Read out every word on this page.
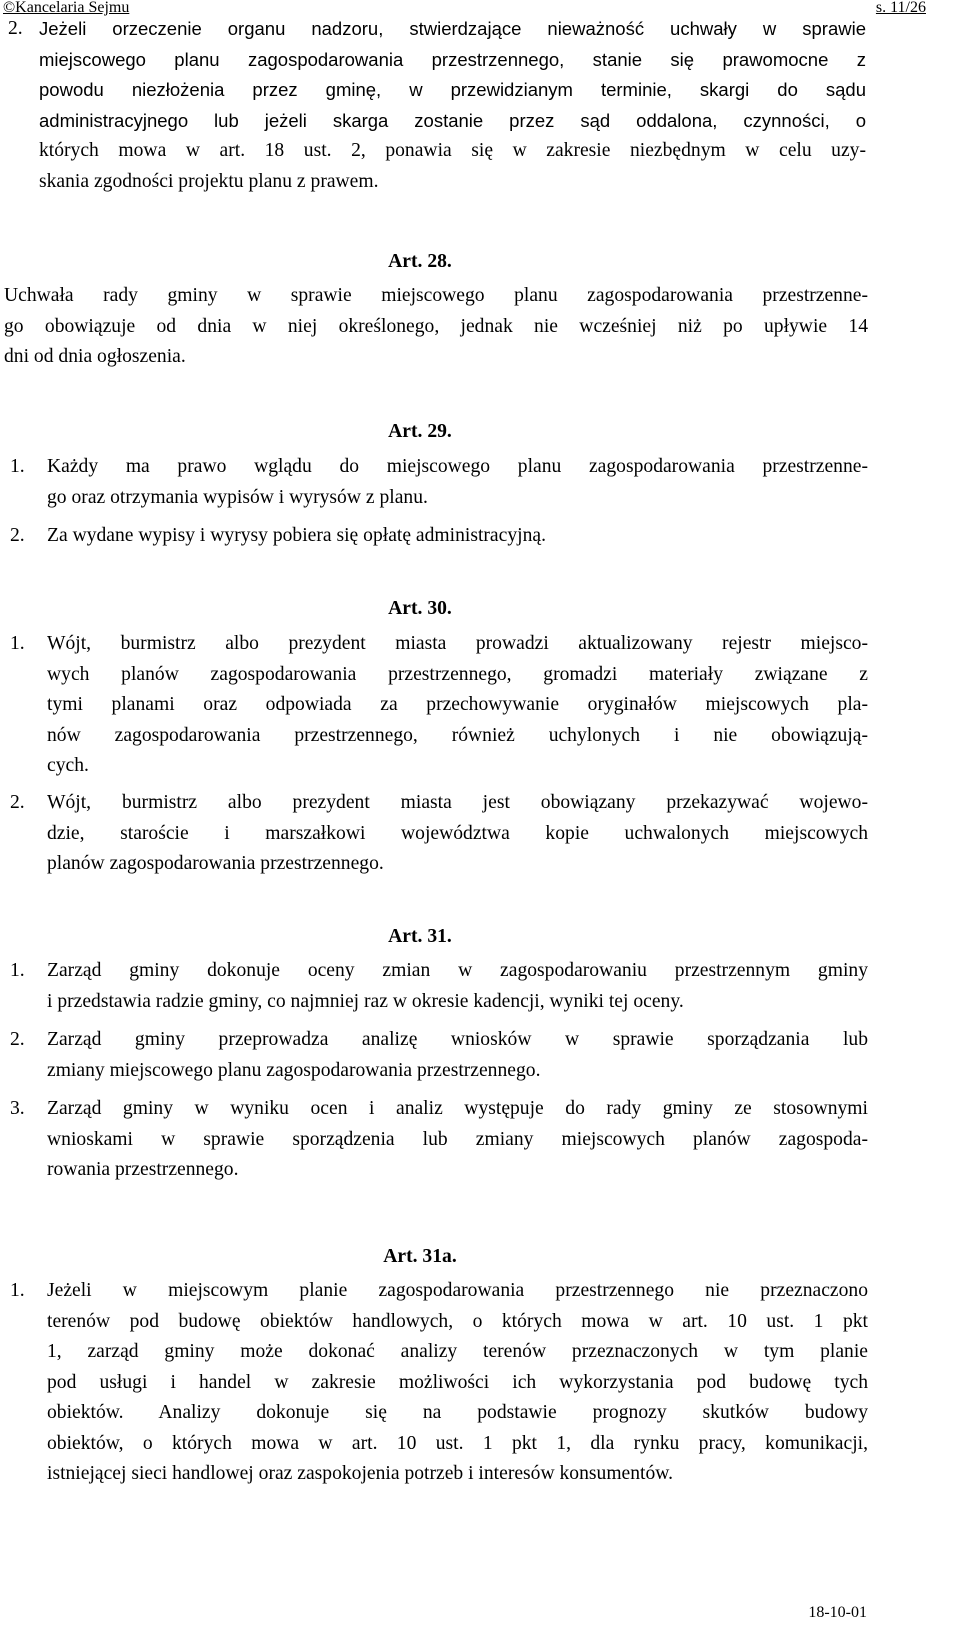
©Kancelaria Sejmu	s. 11/26
2. Jeżeli orzeczenie organu nadzoru, stwierdzające nieważność uchwały w sprawie
miejscowego planu zagospodarowania przestrzennego, stanie się prawomocne z
powodu niezłożenia przez gminę, w przewidzianym terminie, skargi do sądu
administracyjnego lub jeżeli skarga zostanie przez sąd oddalona, czynności, o
których mowa w art. 18 ust. 2, ponawia się w zakresie niezbędnym w celu uzy-
skania zgodności projektu planu z prawem.
Art. 28.
Uchwała rady gminy w sprawie miejscowego planu zagospodarowania przestrzenne-
go obowiązuje od dnia w niej określonego, jednak nie wcześniej niż po upływie 14
dni od dnia ogłoszenia.
Art. 29.
1. Każdy ma prawo wglądu do miejscowego planu zagospodarowania przestrzenne-
go oraz otrzymania wypisów i wyrysów z planu.
2. Za wydane wypisy i wyrysy pobiera się opłatę administracyjną.
Art. 30.
1. Wójt, burmistrz albo prezydent miasta prowadzi aktualizowany rejestr miejsco-
wych planów zagospodarowania przestrzennego, gromadzi materiały związane z
tymi planami oraz odpowiada za przechowywanie oryginałów miejscowych pla-
nów zagospodarowania przestrzennego, również uchylonych i nie obowiązują-
cych.
2. Wójt, burmistrz albo prezydent miasta jest obowiązany przekazywać wojewo-
dzie, staroście i marszałkowi województwa kopie uchwalonych miejscowych
planów zagospodarowania przestrzennego.
Art. 31.
1. Zarząd gminy dokonuje oceny zmian w zagospodarowaniu przestrzennym gminy
i przedstawia radzie gminy, co najmniej raz w okresie kadencji, wyniki tej oceny.
2. Zarząd gminy przeprowadza analizę wniosków w sprawie sporządzania lub
zmiany miejscowego planu zagospodarowania przestrzennego.
3. Zarząd gminy w wyniku ocen i analiz występuje do rady gminy ze stosownymi
wnioskami w sprawie sporządzenia lub zmiany miejscowych planów zagospoda-
rowania przestrzennego.
Art. 31a.
1. Jeżeli w miejscowym planie zagospodarowania przestrzennego nie przeznaczono
terenów pod budowę obiektów handlowych, o których mowa w art. 10 ust. 1 pkt
1, zarząd gminy może dokonać analizy terenów przeznaczonych w tym planie
pod usługi i handel w zakresie możliwości ich wykorzystania pod budowę tych
obiektów. Analizy dokonuje się na podstawie prognozy skutków budowy
obiektów, o których mowa w art. 10 ust. 1 pkt 1, dla rynku pracy, komunikacji,
istniejącej sieci handlowej oraz zaspokojenia potrzeb i interesów konsumentów.
18-10-01
